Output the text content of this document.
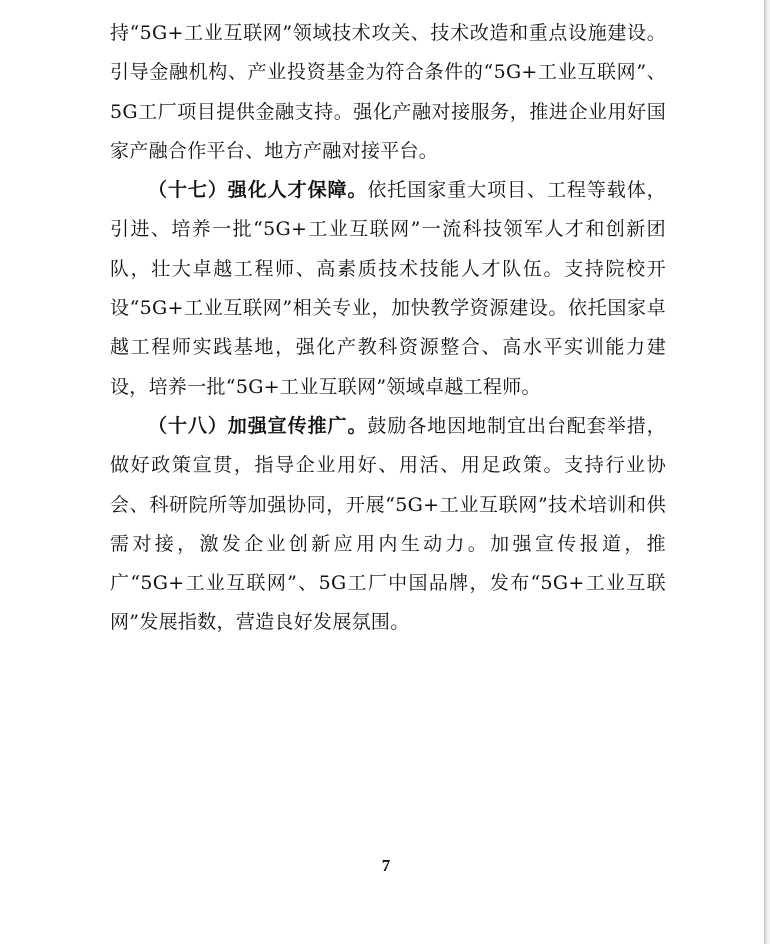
持“5G+工业互联网”领域技术攻关、技术改造和重点设施建设。引导金融机构、产业投资基金为符合条件的“5G+工业互联网”、5G工厂项目提供金融支持。强化产融对接服务，推进企业用好国家产融合作平台、地方产融对接平台。

（十七）强化人才保障。依托国家重大项目、工程等载体，引进、培养一批“5G+工业互联网”一流科技领军人才和创新团队，壮大卓越工程师、高素质技术技能人才队伍。支持院校开设“5G+工业互联网”相关专业，加快教学资源建设。依托国家卓越工程师实践基地，强化产教科资源整合、高水平实训能力建设，培养一批“5G+工业互联网”领域卓越工程师。

（十八）加强宣传推广。鼓励各地因地制宜出台配套举措，做好政策宣贯，指导企业用好、用活、用足政策。支持行业协会、科研院所等加强协同，开展“5G+工业互联网”技术培训和供需对接，激发企业创新应用内生动力。加强宣传报道，推广“5G+工业互联网”、5G工厂中国品牌，发布“5G+工业互联网”发展指数，营造良好发展氛围。

7
